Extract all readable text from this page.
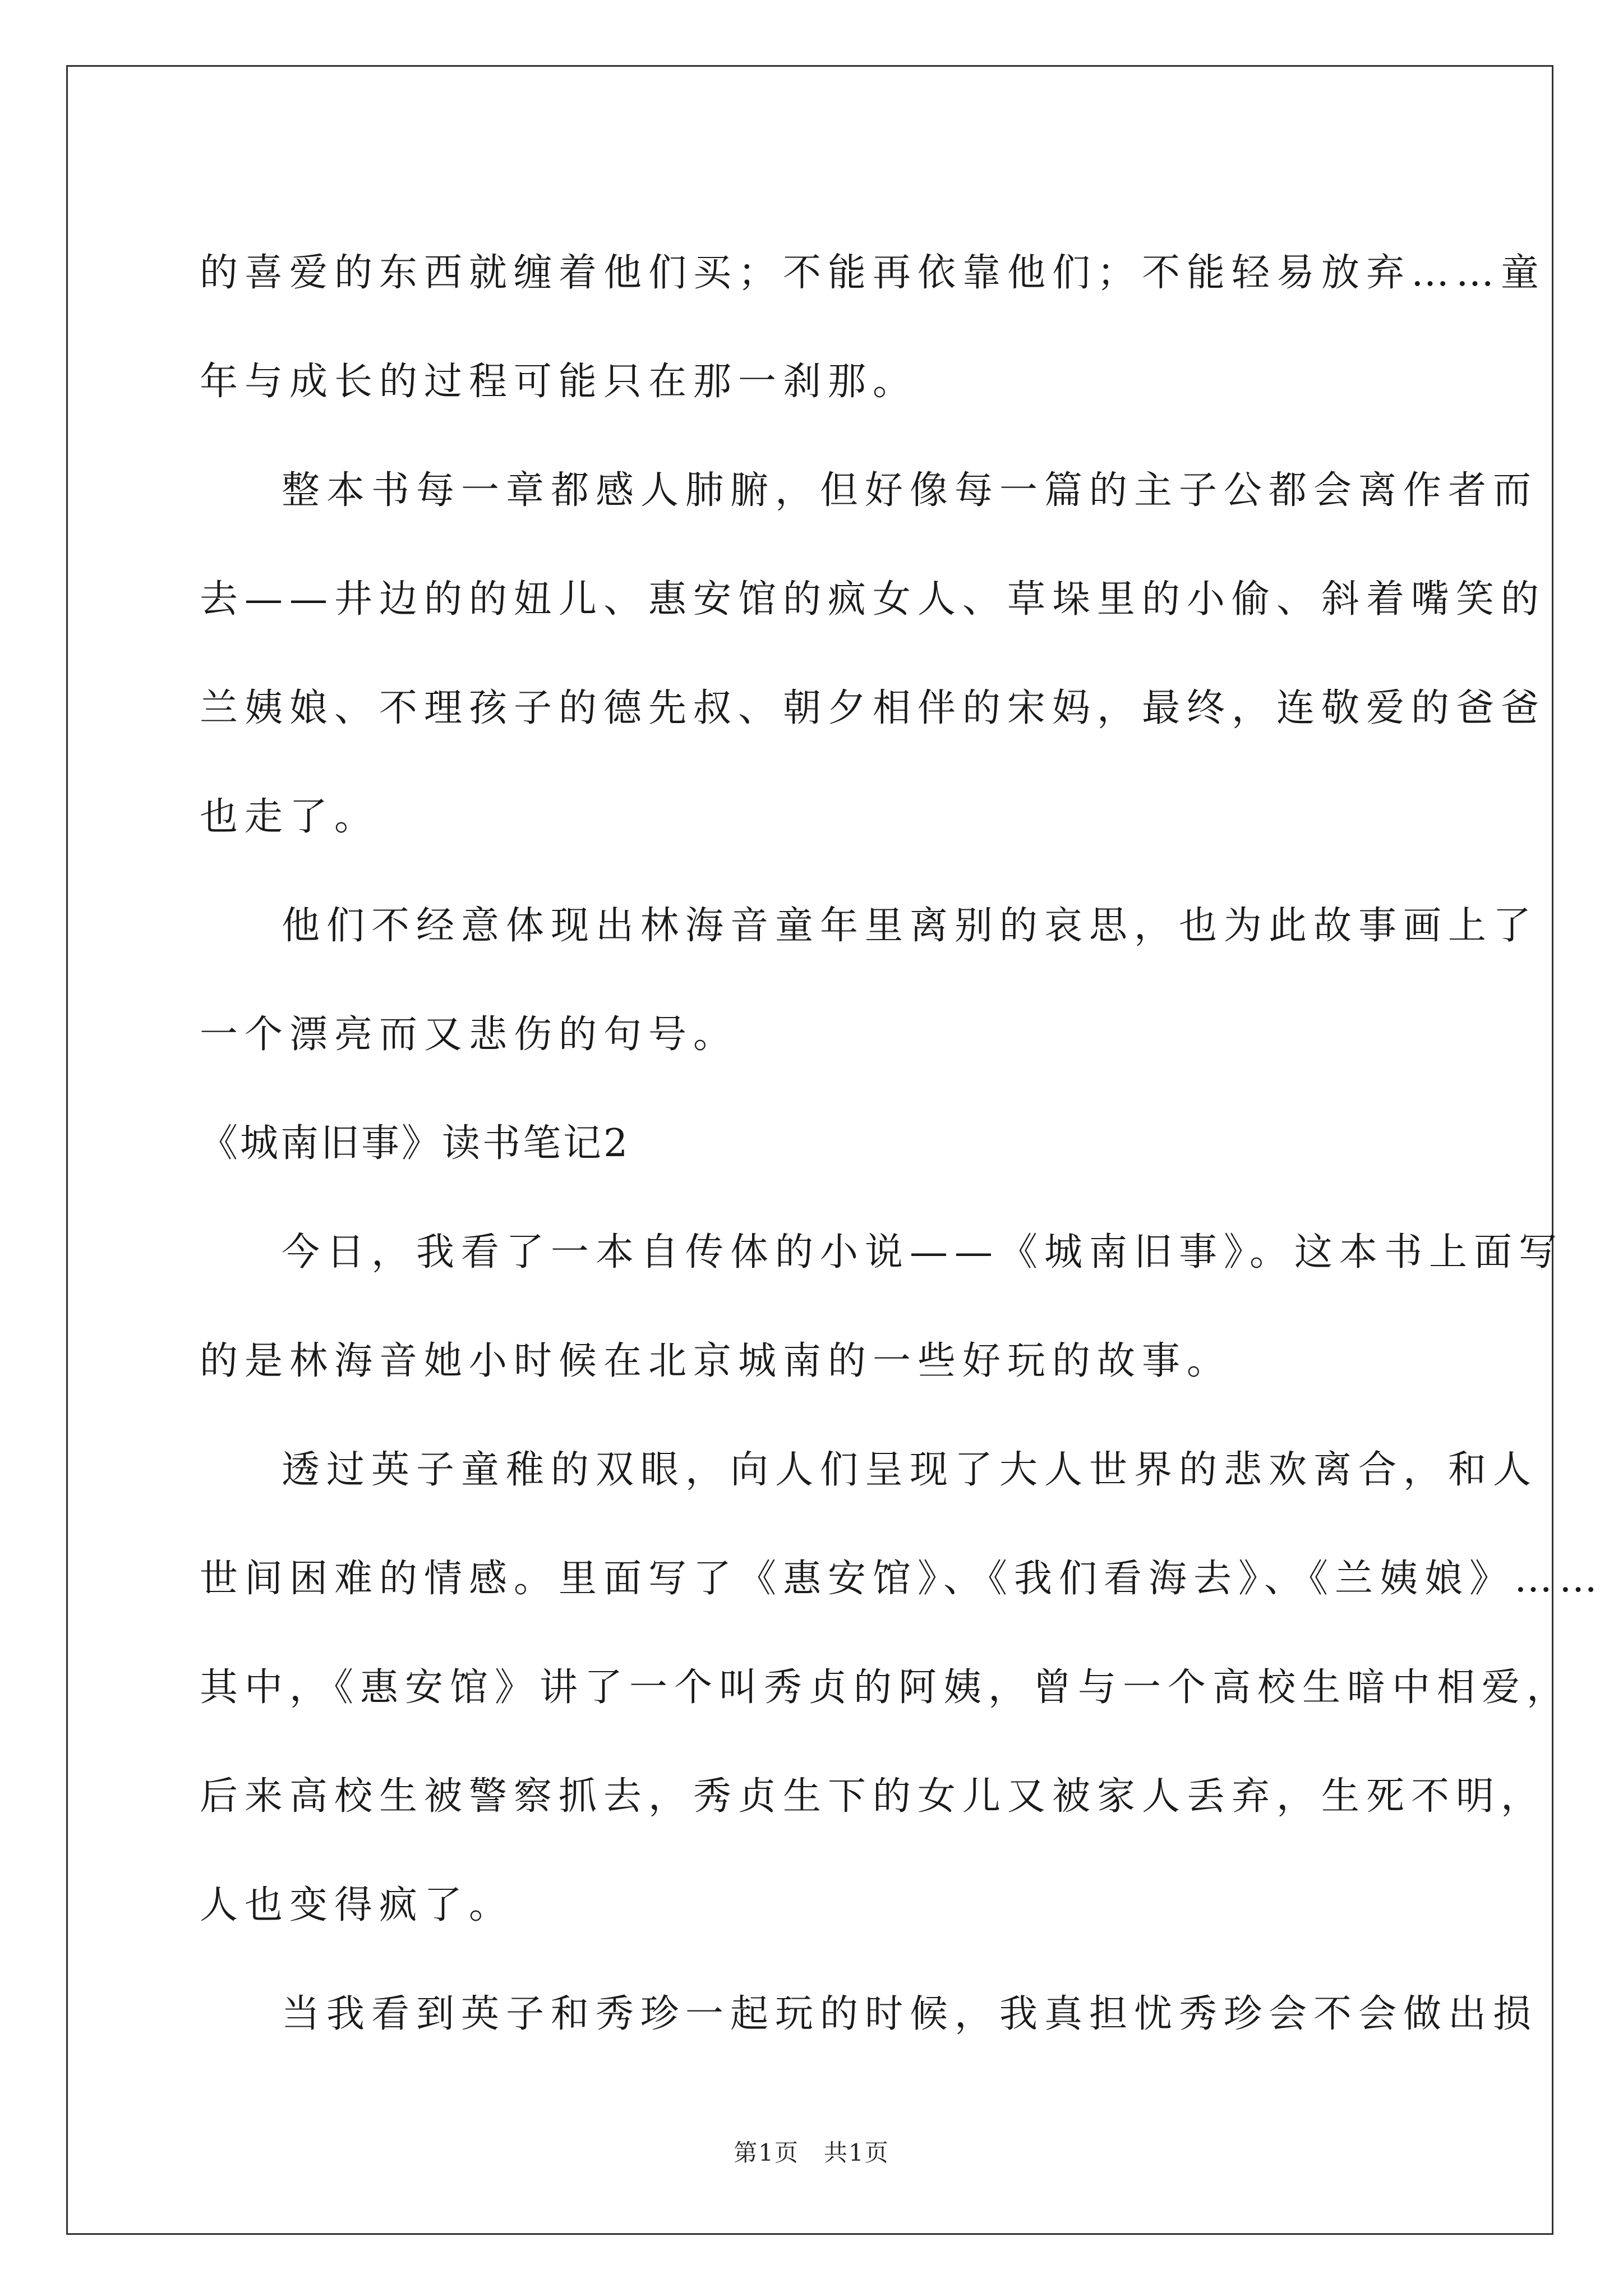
的喜爱的东西就缠着他们买；不能再依靠他们；不能轻易放弃……童
年与成长的过程可能只在那一刹那。
整本书每一章都感人肺腑，但好像每一篇的主子公都会离作者而
去——井边的的妞儿、惠安馆的疯女人、草垛里的小偷、斜着嘴笑的
兰姨娘、不理孩子的德先叔、朝夕相伴的宋妈，最终，连敬爱的爸爸
也走了。
他们不经意体现出林海音童年里离别的哀思，也为此故事画上了
一个漂亮而又悲伤的句号。
《城南旧事》读书笔记2
今日，我看了一本自传体的小说——《城南旧事》。这本书上面写
的是林海音她小时候在北京城南的一些好玩的故事。
透过英子童稚的双眼，向人们呈现了大人世界的悲欢离合，和人
世间困难的情感。里面写了《惠安馆》、《我们看海去》、《兰姨娘》……
其中，《惠安馆》讲了一个叫秀贞的阿姨，曾与一个高校生暗中相爱，
后来高校生被警察抓去，秀贞生下的女儿又被家人丢弃，生死不明，
人也变得疯了。
当我看到英子和秀珍一起玩的时候，我真担忧秀珍会不会做出损
第1页　共1页
